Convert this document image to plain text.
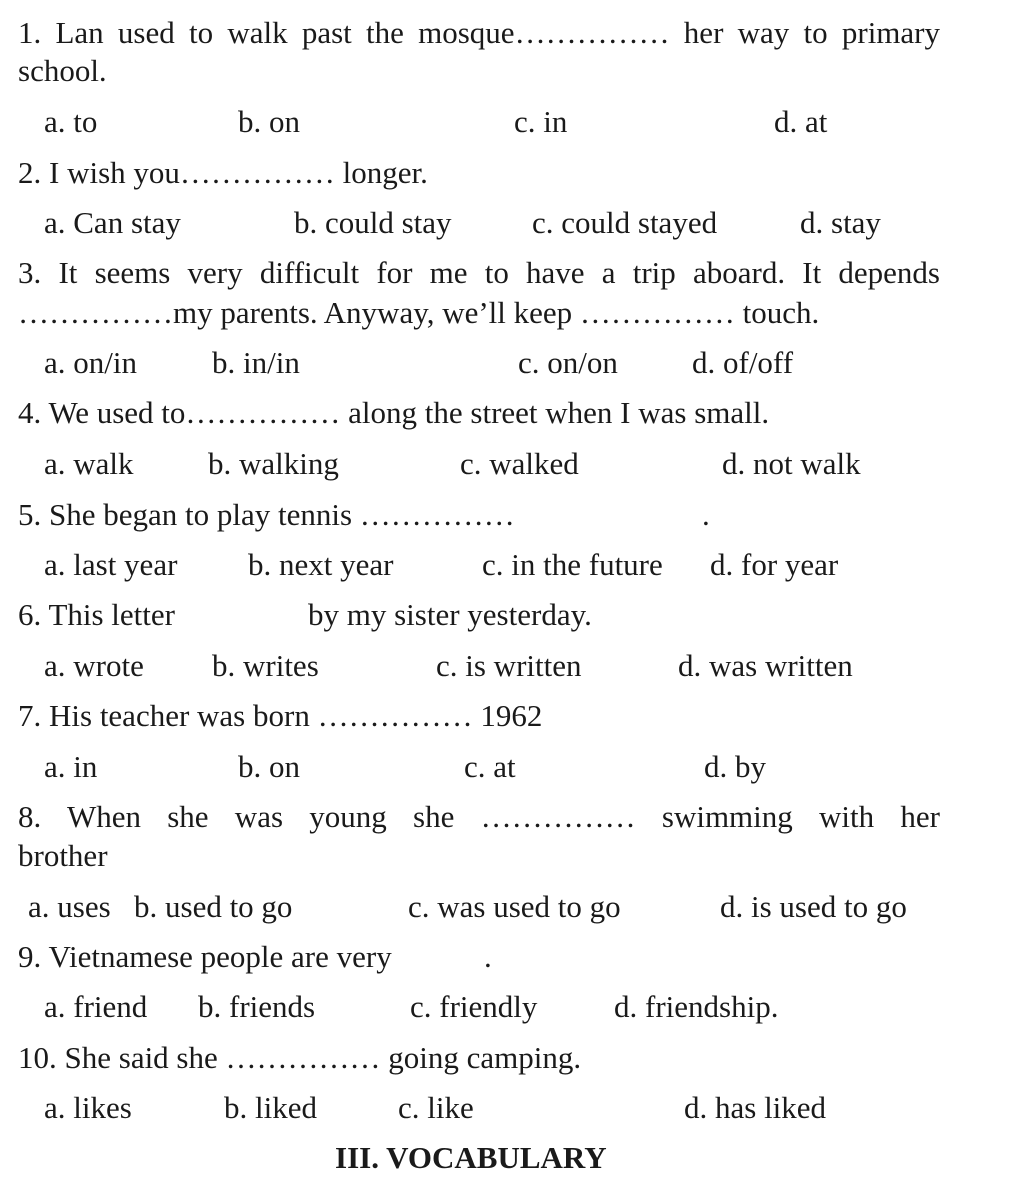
1. Lan used to walk past the mosque…………… her way to primary
school.
a. to	b. on	c. in	d. at
2. I wish you…………… longer.
a. Can stay	b. could stay	c. could stayed	d. stay
3. It seems very difficult for me to have a trip aboard. It depends
……………my parents. Anyway, we’ll keep …………… touch.
a. on/in b. in/in	c. on/on d. of/off
4. We used to…………… along the street when I was small.
a. walk b. walking	c. walked	d. not walk
5. She began to play tennis ……………	.
a. last year b. next year	c. in the future d. for year
6. This letter	by my sister yesterday.
a. wrote b. writes	c. is written	d. was written
7. His teacher was born …………… 1962
a. in	b. on	c. at	d. by
8. When she was young she …………… swimming with her
brother
a. uses b. used to go	c. was used to go	d. is used to go
9. Vietnamese people are very	.
a. friend b. friends	c. friendly d. friendship.
10. She said she …………… going camping.
a. likes	b. liked	c. like	d. has liked
III. VOCABULARY
